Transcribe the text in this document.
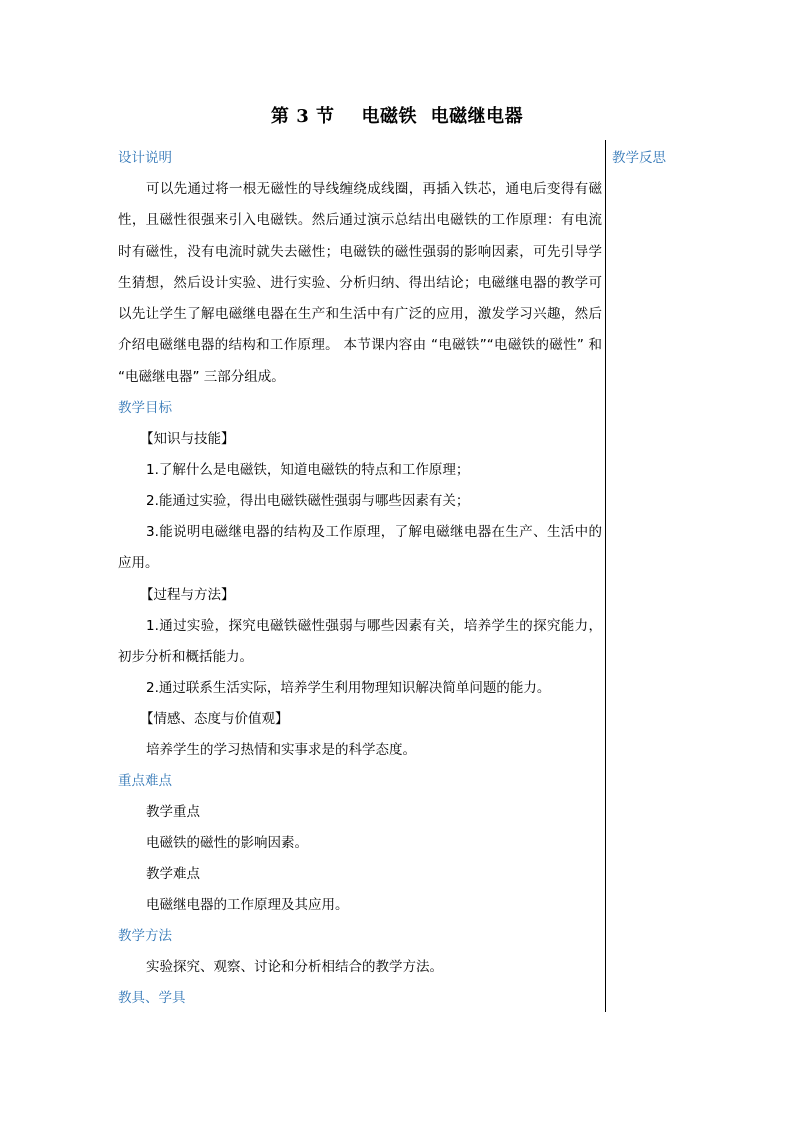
第 3 节    电磁铁  电磁继电器
教学反思
设计说明

可以先通过将一根无磁性的导线缠绕成线圈，再插入铁芯，通电后变得有磁性，且磁性很强来引入电磁铁。然后通过演示总结出电磁铁的工作原理：有电流时有磁性，没有电流时就失去磁性；电磁铁的磁性强弱的影响因素，可先引导学生猜想，然后设计实验、进行实验、分析归纳、得出结论；电磁继电器的教学可以先让学生了解电磁继电器在生产和生活中有广泛的应用，激发学习兴趣，然后介绍电磁继电器的结构和工作原理。 本节课内容由 “电磁铁”“电磁铁的磁性” 和 “电磁继电器” 三部分组成。

教学目标
【知识与技能】
1.了解什么是电磁铁，知道电磁铁的特点和工作原理；
2.能通过实验，得出电磁铁磁性强弱与哪些因素有关；

3.能说明电磁继电器的结构及工作原理，了解电磁继电器在生产、生活中的应用。

【过程与方法】

1.通过实验，探究电磁铁磁性强弱与哪些因素有关，培养学生的探究能力，初步分析和概括能力。

2.通过联系生活实际，培养学生利用物理知识解决简单问题的能力。
【情感、态度与价值观】
培养学生的学习热情和实事求是的科学态度。
重点难点
教学重点
电磁铁的磁性的影响因素。
教学难点
电磁继电器的工作原理及其应用。
教学方法
实验探究、观察、讨论和分析相结合的教学方法。
教具、学具
